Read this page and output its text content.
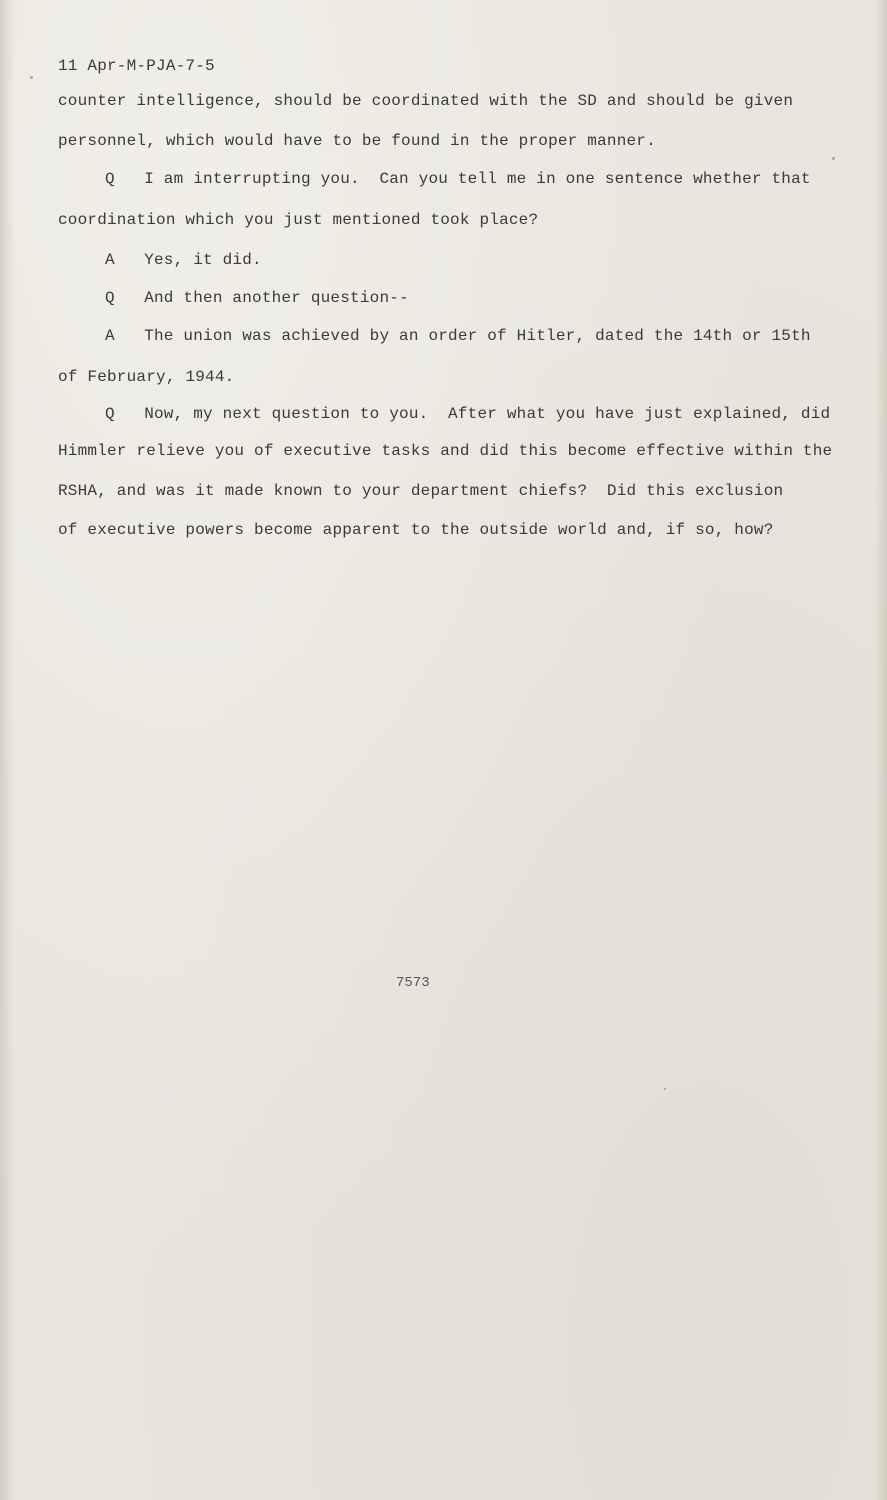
11 Apr-M-PJA-7-5
counter intelligence, should be coordinated with the SD and should be given
personnel, which would have to be found in the proper manner.
Q   I am interrupting you.  Can you tell me in one sentence whether that
coordination which you just mentioned took place?
A   Yes, it did.
Q   And then another question--
A   The union was achieved by an order of Hitler, dated the 14th or 15th
of February, 1944.
Q   Now, my next question to you.  After what you have just explained, did
Himmler relieve you of executive tasks and did this become effective within the
RSHA, and was it made known to your department chiefs?  Did this exclusion
of executive powers become apparent to the outside world and, if so, how?
7573
